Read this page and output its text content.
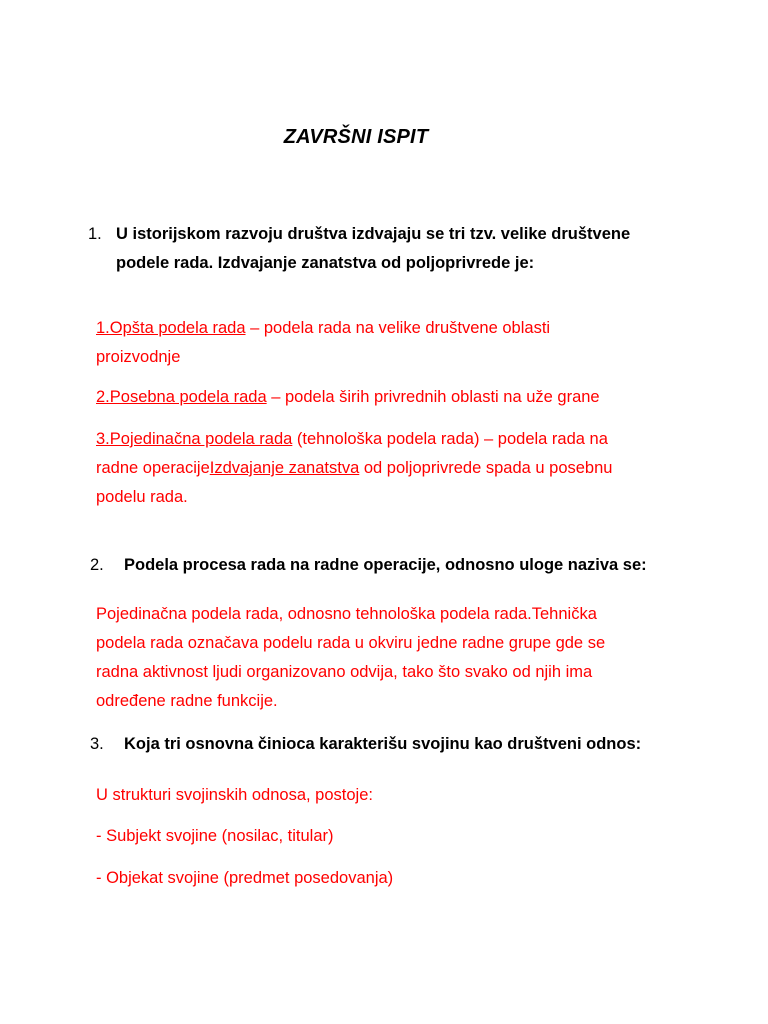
ZAVRŠNI ISPIT
1. U istorijskom razvoju društva izdvajaju se tri tzv. velike društvene
podele rada. Izdvajanje zanatstva od poljoprivrede je:
1.Opšta podela rada – podela rada na velike društvene oblasti
proizvodnje
2.Posebna podela rada – podela širih privrednih oblasti na uže grane
3.Pojedinačna podela rada (tehnološka podela rada) – podela rada na
radne operacijeIzdvajanje zanatstva od poljoprivrede spada u posebnu
podelu rada.
2. Podela procesa rada na radne operacije, odnosno uloge naziva se:
Pojedinačna podela rada, odnosno tehnološka podela rada.Tehnička
podela rada označava podelu rada u okviru jedne radne grupe gde se
radna aktivnost ljudi organizovano odvija, tako što svako od njih ima
određene radne funkcije.
3. Koja tri osnovna činioca karakterišu svojinu kao društveni odnos:
U strukturi svojinskih odnosa, postoje:
- Subjekt svojine (nosilac, titular)
- Objekat svojine (predmet posedovanja)
